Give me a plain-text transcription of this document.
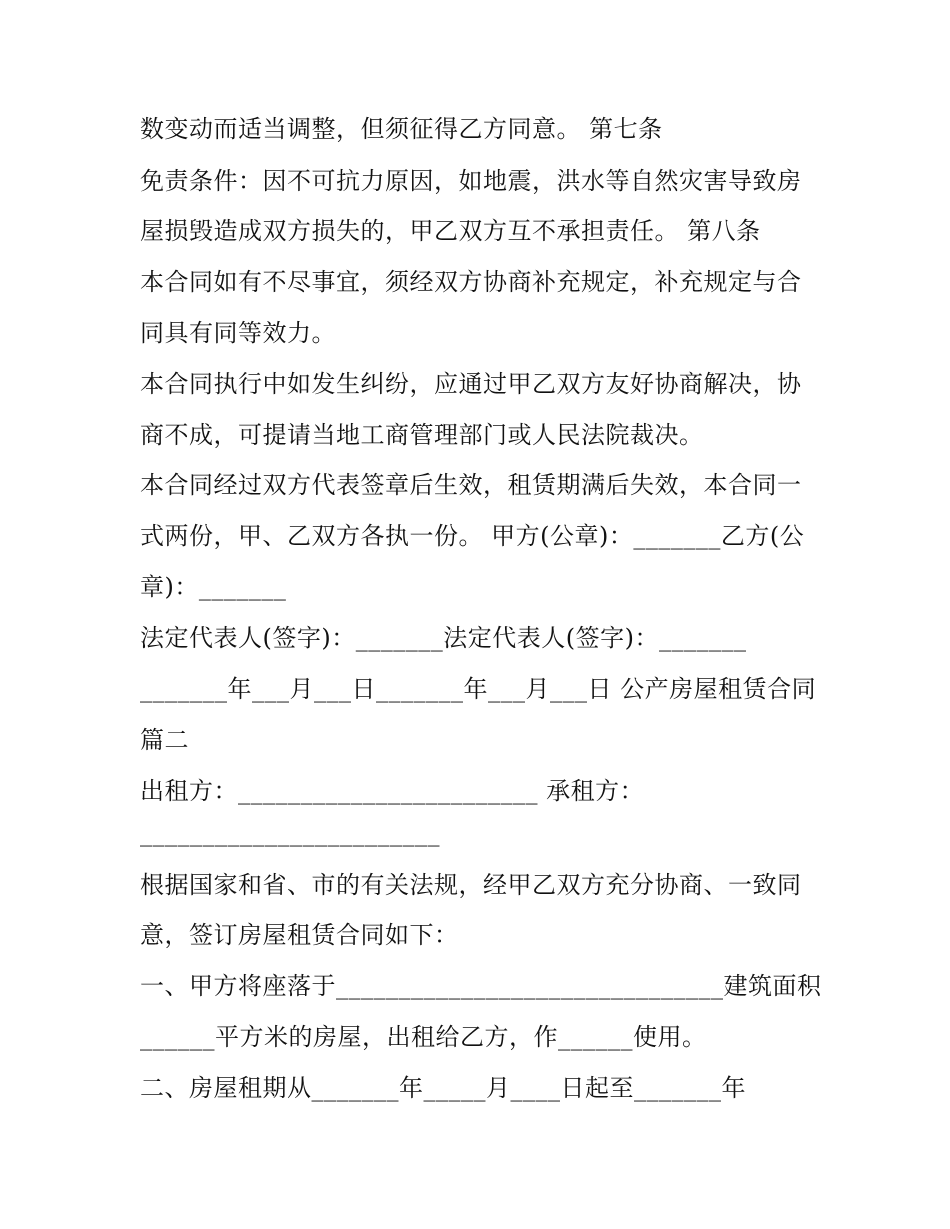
数变动而适当调整，但须征得乙方同意。 第七条
免责条件：因不可抗力原因，如地震，洪水等自然灾害导致房
屋损毁造成双方损失的，甲乙双方互不承担责任。 第八条
本合同如有不尽事宜，须经双方协商补充规定，补充规定与合
同具有同等效力。
本合同执行中如发生纠纷，应通过甲乙双方友好协商解决，协
商不成，可提请当地工商管理部门或人民法院裁决。
本合同经过双方代表签章后生效，租赁期满后失效，本合同一
式两份，甲、乙双方各执一份。 甲方(公章)：_______乙方(公
章)：_______
法定代表人(签字)：_______法定代表人(签字)：_______
_______年___月___日_______年___月___日 公产房屋租赁合同
篇二
出租方：________________________ 承租方：
________________________
根据国家和省、市的有关法规，经甲乙双方充分协商、一致同
意，签订房屋租赁合同如下：
一、甲方将座落于_______________________________建筑面积
______平方米的房屋，出租给乙方，作______使用。
二、房屋租期从_______年_____月____日起至_______年
